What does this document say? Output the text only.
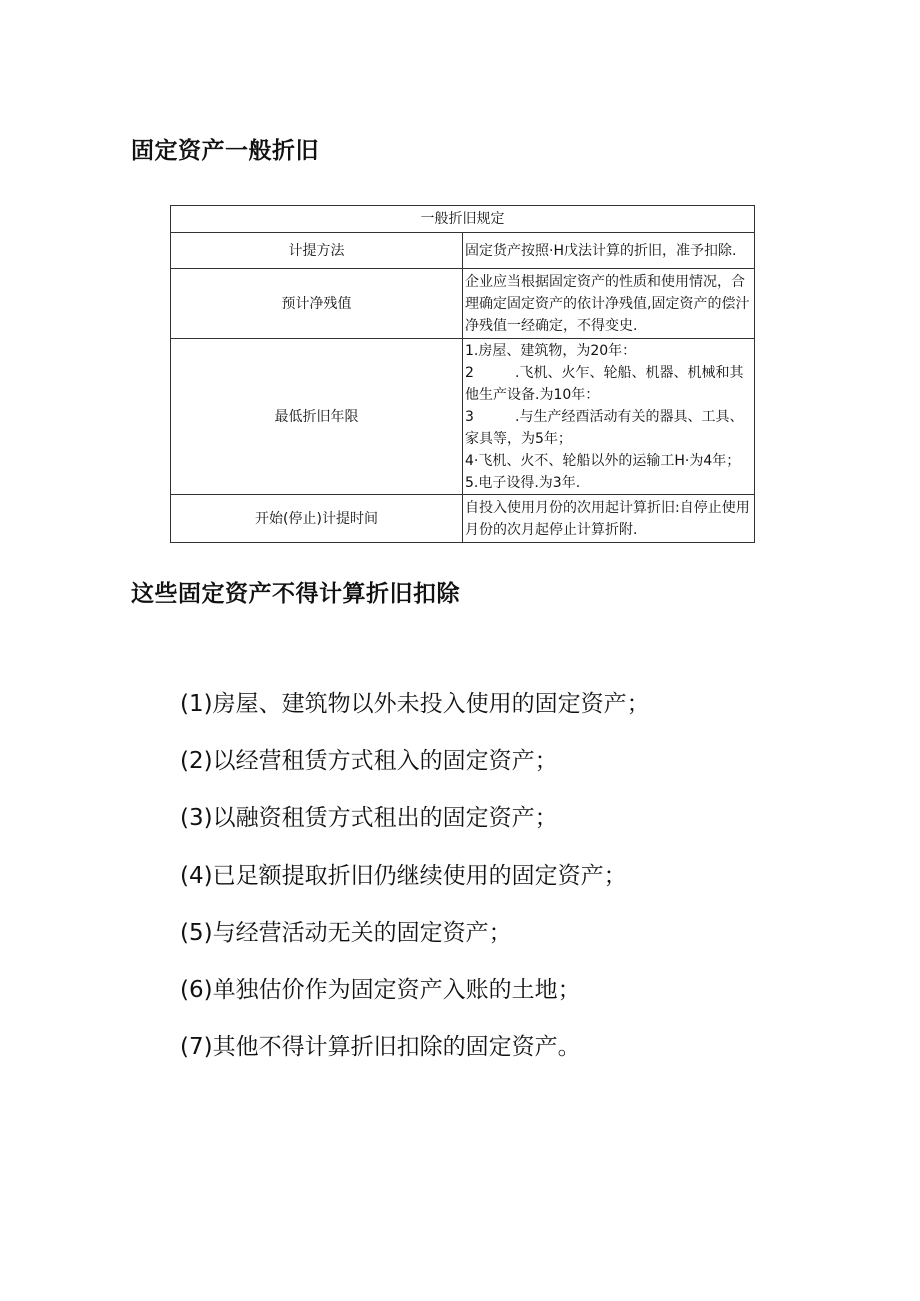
固定资产一般折旧
一般折旧规定	
计提方法	固定货产按照·H戊法计算的折旧，准予扣除.
预计净残值	企业应当根据固定资产的性质和使用情况，合理确定固定资产的依计净残值,固定资产的偿汁净残值一经确定，不得变史.
最低折旧年限	1.房屋、建筑物，为20年：
2 .飞机、火乍、轮船、机器、机械和其他生产设备.为10年：
3 .与生产经酉活动有关的器具、工具、家具等，为5年；
4·飞机、火不、轮船以外的运输工H·为4年；
5.电子设得.为3年.

开始(停止)计提时间	自投入使用月份的次用起计算折旧:自停止使用月份的次月起停止计算折附.
这些固定资产不得计算折旧扣除
(1)房屋、建筑物以外未投入使用的固定资产；
(2)以经营租赁方式租入的固定资产；
(3)以融资租赁方式租出的固定资产；
(4)已足额提取折旧仍继续使用的固定资产；
(5)与经营活动无关的固定资产；
(6)单独估价作为固定资产入账的土地；
(7)其他不得计算折旧扣除的固定资产。
